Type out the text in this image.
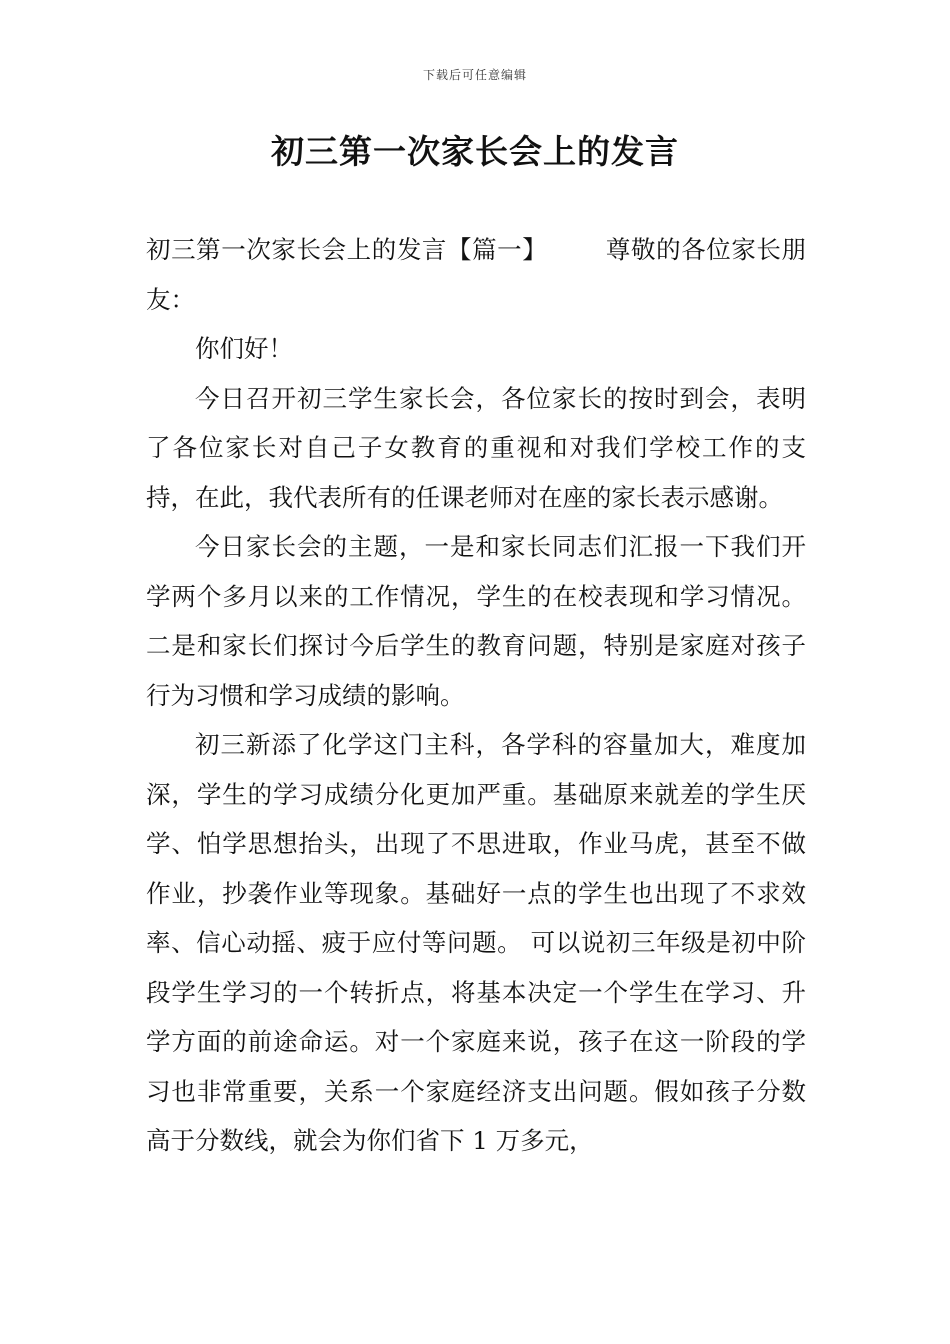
下载后可任意编辑
初三第一次家长会上的发言

初三第一次家长会上的发言【篇一】 尊敬的各位家长朋友：

你们好！

今日召开初三学生家长会，各位家长的按时到会，表明了各位家长对自己子女教育的重视和对我们学校工作的支持，在此，我代表所有的任课老师对在座的家长表示感谢。

今日家长会的主题，一是和家长同志们汇报一下我们开学两个多月以来的工作情况，学生的在校表现和学习情况。二是和家长们探讨今后学生的教育问题，特别是家庭对孩子行为习惯和学习成绩的影响。

初三新添了化学这门主科，各学科的容量加大，难度加深，学生的学习成绩分化更加严重。基础原来就差的学生厌学、怕学思想抬头，出现了不思进取，作业马虎，甚至不做作业，抄袭作业等现象。基础好一点的学生也出现了不求效率、信心动摇、疲于应付等问题。 可以说初三年级是初中阶段学生学习的一个转折点，将基本决定一个学生在学习、升学方面的前途命运。对一个家庭来说，孩子在这一阶段的学习也非常重要，关系一个家庭经济支出问题。假如孩子分数高于分数线，就会为你们省下 1 万多元，
